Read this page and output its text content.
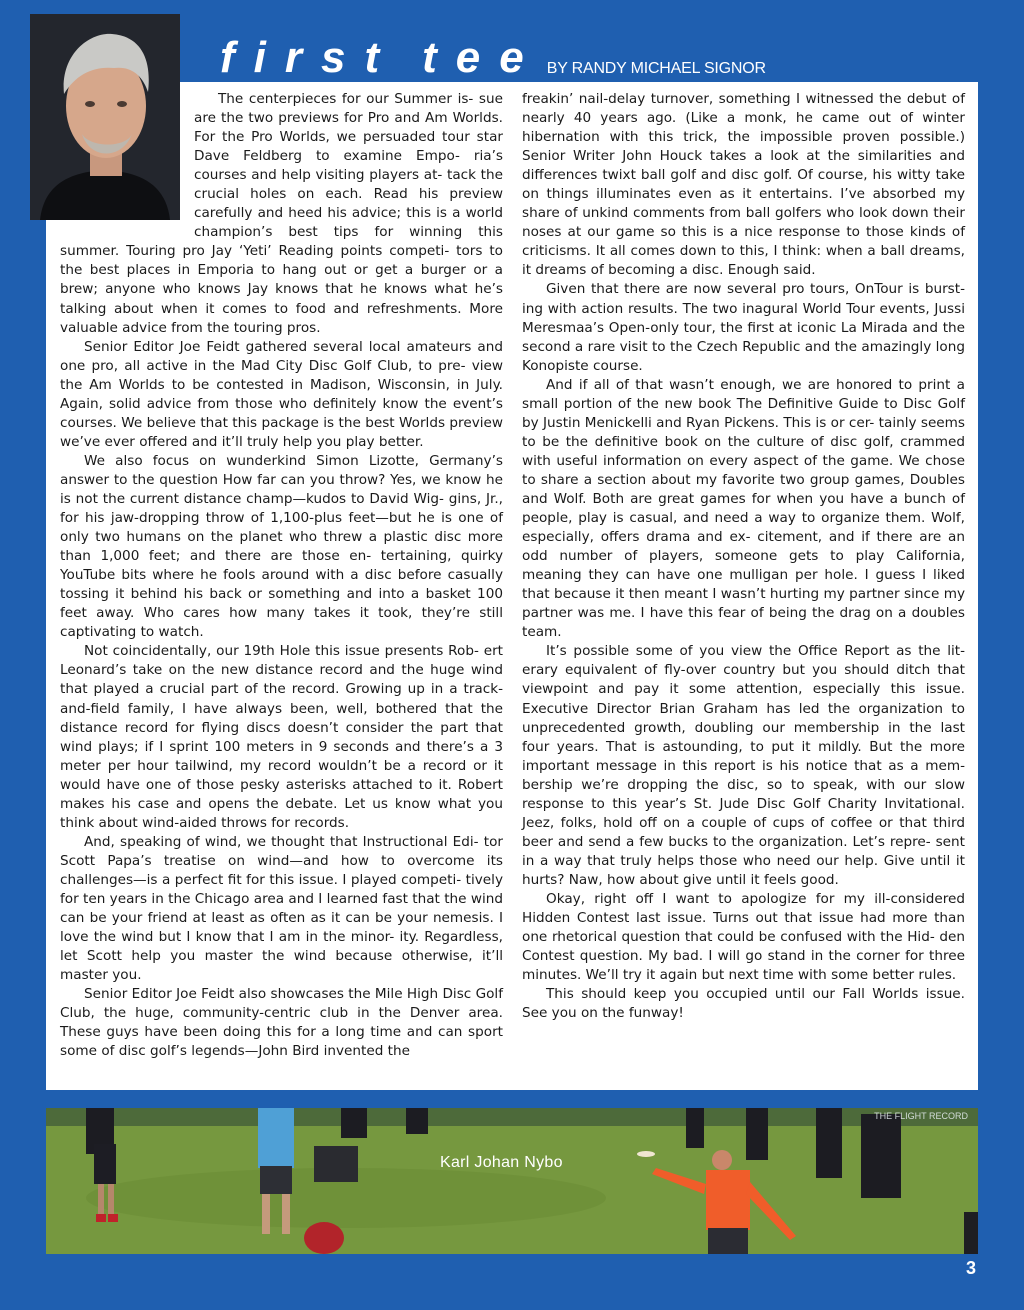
first tee BY RANDY MICHAEL SIGNOR

The centerpieces for our Summer is- sue are the two previews for Pro and Am Worlds. For the Pro Worlds, we persuaded tour star Dave Feldberg to examine Empo- ria’s courses and help visiting players at- tack the crucial holes on each. Read his preview carefully and heed his advice; this is a world champion’s best tips for winning this summer. Touring pro Jay ‘Yeti’ Reading points competi- tors to the best places in Emporia to hang out or get a burger or a brew; anyone who knows Jay knows that he knows what he’s talking about when it comes to food and refreshments. More valuable advice from the touring pros.

Senior Editor Joe Feidt gathered several local amateurs and one pro, all active in the Mad City Disc Golf Club, to pre- view the Am Worlds to be contested in Madison, Wisconsin, in July. Again, solid advice from those who definitely know the event’s courses. We believe that this package is the best Worlds preview we’ve ever offered and it’ll truly help you play better.

We also focus on wunderkind Simon Lizotte, Germany’s answer to the question How far can you throw? Yes, we know he is not the current distance champ—kudos to David Wig- gins, Jr., for his jaw-dropping throw of 1,100-plus feet—but he is one of only two humans on the planet who threw a plastic disc more than 1,000 feet; and there are those en- tertaining, quirky YouTube bits where he fools around with a disc before casually tossing it behind his back or something and into a basket 100 feet away. Who cares how many takes it took, they’re still captivating to watch.

Not coincidentally, our 19th Hole this issue presents Rob- ert Leonard’s take on the new distance record and the huge wind that played a crucial part of the record. Growing up in a track-and-field family, I have always been, well, bothered that the distance record for flying discs doesn’t consider the part that wind plays; if I sprint 100 meters in 9 seconds and there’s a 3 meter per hour tailwind, my record wouldn’t be a record or it would have one of those pesky asterisks attached to it. Robert makes his case and opens the debate. Let us know what you think about wind-aided throws for records.

And, speaking of wind, we thought that Instructional Edi- tor Scott Papa’s treatise on wind—and how to overcome its challenges—is a perfect fit for this issue. I played competi- tively for ten years in the Chicago area and I learned fast that the wind can be your friend at least as often as it can be your nemesis. I love the wind but I know that I am in the minor- ity. Regardless, let Scott help you master the wind because otherwise, it’ll master you.

Senior Editor Joe Feidt also showcases the Mile High Disc Golf Club, the huge, community-centric club in the Denver area. These guys have been doing this for a long time and can sport some of disc golf’s legends—John Bird invented the

freakin’ nail-delay turnover, something I witnessed the debut of nearly 40 years ago. (Like a monk, he came out of winter hibernation with this trick, the impossible proven possible.) Senior Writer John Houck takes a look at the similarities and differences twixt ball golf and disc golf. Of course, his witty take on things illuminates even as it entertains. I’ve absorbed my share of unkind comments from ball golfers who look down their noses at our game so this is a nice response to those kinds of criticisms. It all comes down to this, I think: when a ball dreams, it dreams of becoming a disc. Enough said.

Given that there are now several pro tours, OnTour is burst- ing with action results. The two inagural World Tour events, Jussi Meresmaa’s Open-only tour, the first at iconic La Mirada and the second a rare visit to the Czech Republic and the amazingly long Konopiste course.

And if all of that wasn’t enough, we are honored to print a small portion of the new book The Definitive Guide to Disc Golf by Justin Menickelli and Ryan Pickens. This is or cer- tainly seems to be the definitive book on the culture of disc golf, crammed with useful information on every aspect of the game. We chose to share a section about my favorite two group games, Doubles and Wolf. Both are great games for when you have a bunch of people, play is casual, and need a way to organize them. Wolf, especially, offers drama and ex- citement, and if there are an odd number of players, someone gets to play California, meaning they can have one mulligan per hole. I guess I liked that because it then meant I wasn’t hurting my partner since my partner was me. I have this fear of being the drag on a doubles team.

It’s possible some of you view the Office Report as the lit- erary equivalent of fly-over country but you should ditch that viewpoint and pay it some attention, especially this issue. Executive Director Brian Graham has led the organization to unprecedented growth, doubling our membership in the last four years. That is astounding, to put it mildly. But the more important message in this report is his notice that as a mem- bership we’re dropping the disc, so to speak, with our slow response to this year’s St. Jude Disc Golf Charity Invitational. Jeez, folks, hold off on a couple of cups of coffee or that third beer and send a few bucks to the organization. Let’s repre- sent in a way that truly helps those who need our help. Give until it hurts? Naw, how about give until it feels good.

Okay, right off I want to apologize for my ill-considered Hidden Contest last issue. Turns out that issue had more than one rhetorical question that could be confused with the Hid- den Contest question. My bad. I will go stand in the corner for three minutes. We’ll try it again but next time with some better rules.

This should keep you occupied until our Fall Worlds issue. See you on the funway!

Karl Johan Nybo
THE FLIGHT RECORD
3
